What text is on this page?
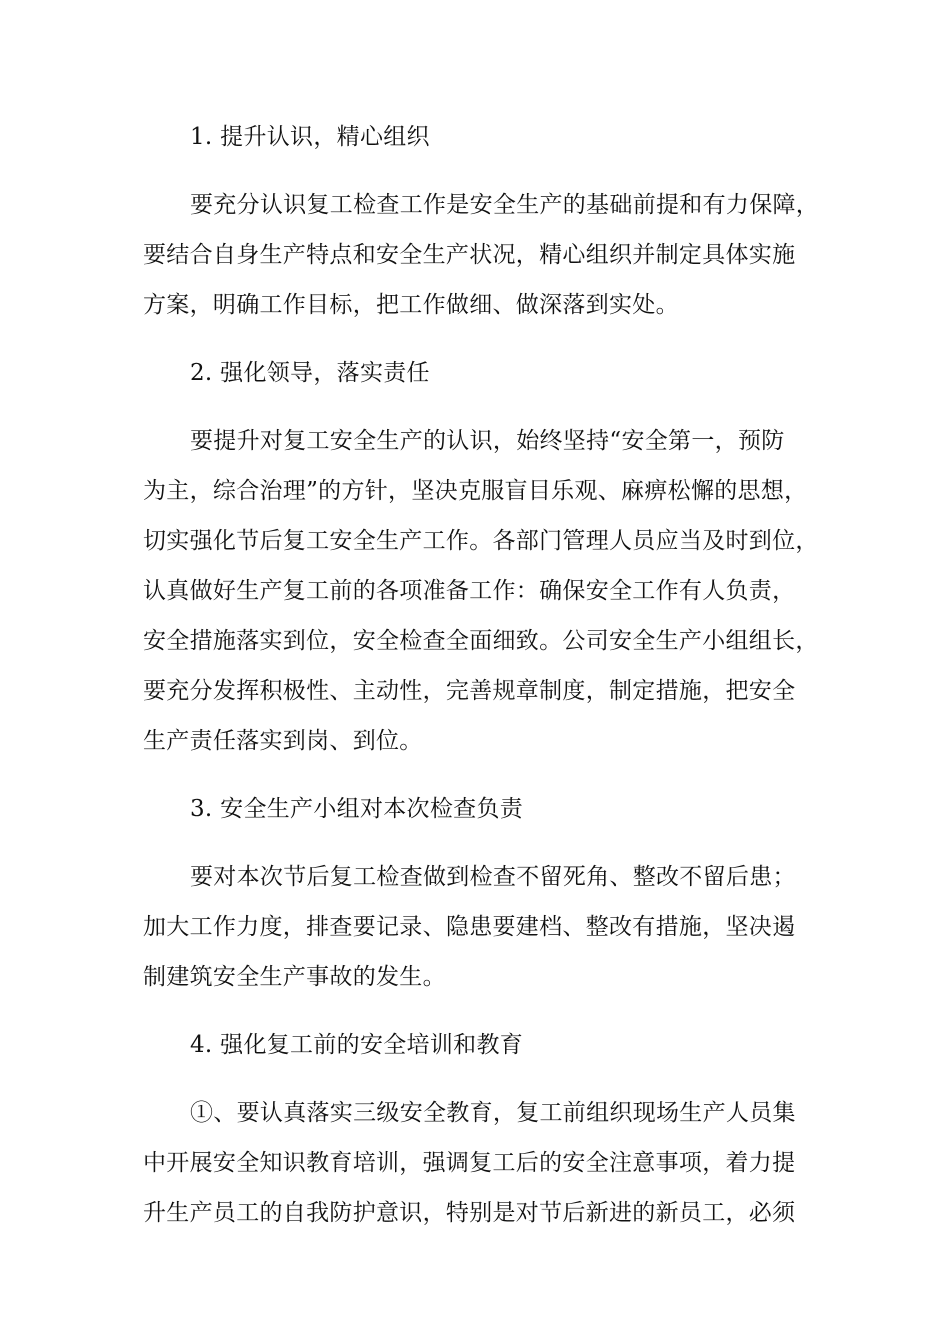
1. 提升认识，精心组织
要充分认识复工检查工作是安全生产的基础前提和有力保障，
要结合自身生产特点和安全生产状况，精心组织并制定具体实施
方案，明确工作目标，把工作做细、做深落到实处。
2. 强化领导，落实责任
要提升对复工安全生产的认识，始终坚持“安全第一，预防
为主，综合治理”的方针，坚决克服盲目乐观、麻痹松懈的思想，
切实强化节后复工安全生产工作。各部门管理人员应当及时到位，
认真做好生产复工前的各项准备工作：确保安全工作有人负责，
安全措施落实到位，安全检查全面细致。公司安全生产小组组长，
要充分发挥积极性、主动性，完善规章制度，制定措施，把安全
生产责任落实到岗、到位。
3. 安全生产小组对本次检查负责
要对本次节后复工检查做到检查不留死角、整改不留后患；
加大工作力度，排查要记录、隐患要建档、整改有措施，坚决遏
制建筑安全生产事故的发生。
4. 强化复工前的安全培训和教育
①、要认真落实三级安全教育，复工前组织现场生产人员集
中开展安全知识教育培训，强调复工后的安全注意事项，着力提
升生产员工的自我防护意识，特别是对节后新进的新员工，必须
